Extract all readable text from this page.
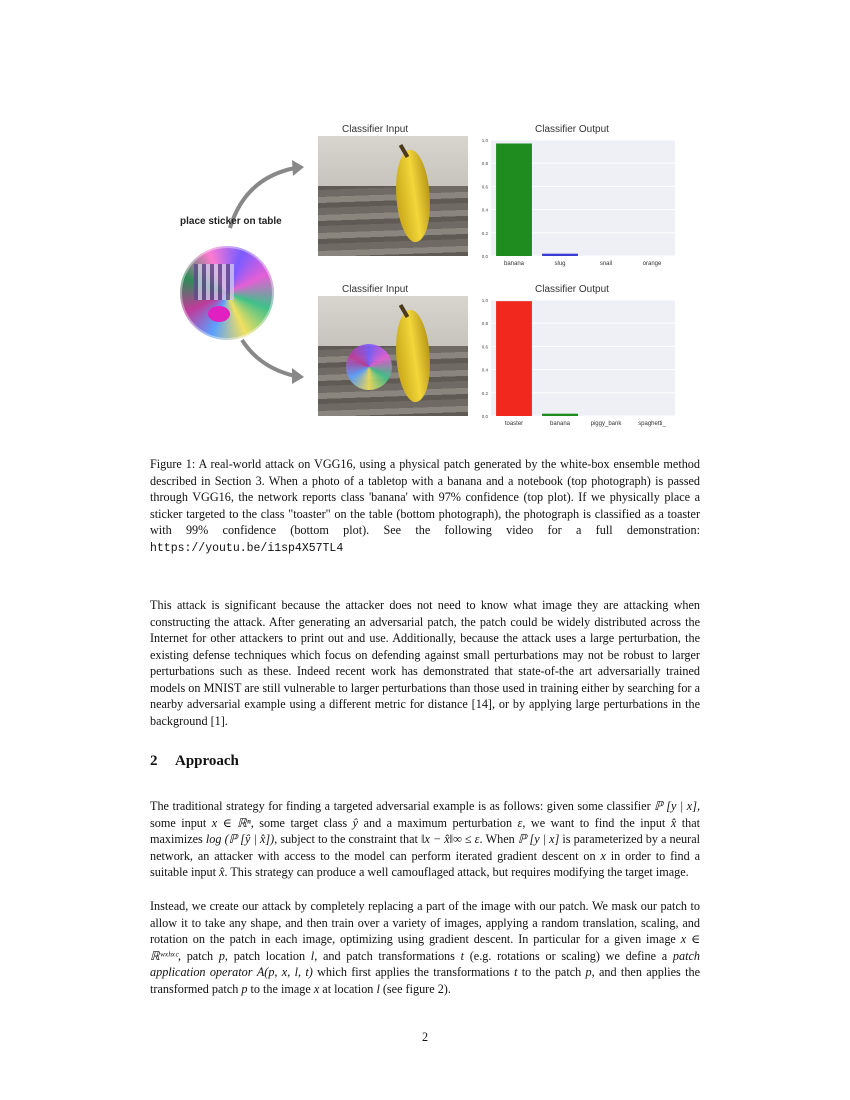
place sticker on table
Classifier Input	Classifier Output
0.0
0.2
0.4
0.6
0.8
1.0
banana	slug	snail	orange
Classifier Input	Classifier Output
0.0
0.2
0.4
0.6
0.8
1.0
toaster	banana	piggy_bank	spaghetti_
Figure 1: A real-world attack on VGG16, using a physical patch generated by the white-box ensemble method described in Section 3. When a photo of a tabletop with a banana and a notebook (top photograph) is passed through VGG16, the network reports class 'banana' with 97% confidence (top plot). If we physically place a sticker targeted to the class "toaster" on the table (bottom photograph), the photograph is classified as a toaster with 99% confidence (bottom plot). See the following video for a full demonstration: https://youtu.be/i1sp4X57TL4

This attack is significant because the attacker does not need to know what image they are attacking when constructing the attack. After generating an adversarial patch, the patch could be widely distributed across the Internet for other attackers to print out and use. Additionally, because the attack uses a large perturbation, the existing defense techniques which focus on defending against small perturbations may not be robust to larger perturbations such as these. Indeed recent work has demonstrated that state-of-the art adversarially trained models on MNIST are still vulnerable to larger perturbations than those used in training either by searching for a nearby adversarial example using a different metric for distance [14], or by applying large perturbations in the background [1].

2 Approach

The traditional strategy for finding a targeted adversarial example is as follows: given some classifier ℙ [y | x], some input x ∈ ℝⁿ, some target class ŷ and a maximum perturbation ε, we want to find the input x̂ that maximizes log (ℙ [ŷ | x̂]), subject to the constraint that ‖x − x̂‖∞ ≤ ε. When ℙ [y | x] is parameterized by a neural network, an attacker with access to the model can perform iterated gradient descent on x in order to find a suitable input x̂. This strategy can produce a well camouflaged attack, but requires modifying the target image.

Instead, we create our attack by completely replacing a part of the image with our patch. We mask our patch to allow it to take any shape, and then train over a variety of images, applying a random translation, scaling, and rotation on the patch in each image, optimizing using gradient descent. In particular for a given image x ∈ ℝʷˣʰˣᶜ, patch p, patch location l, and patch transformations t (e.g. rotations or scaling) we define a patch application operator A(p, x, l, t) which first applies the transformations t to the patch p, and then applies the transformed patch p to the image x at location l (see figure 2).

2
